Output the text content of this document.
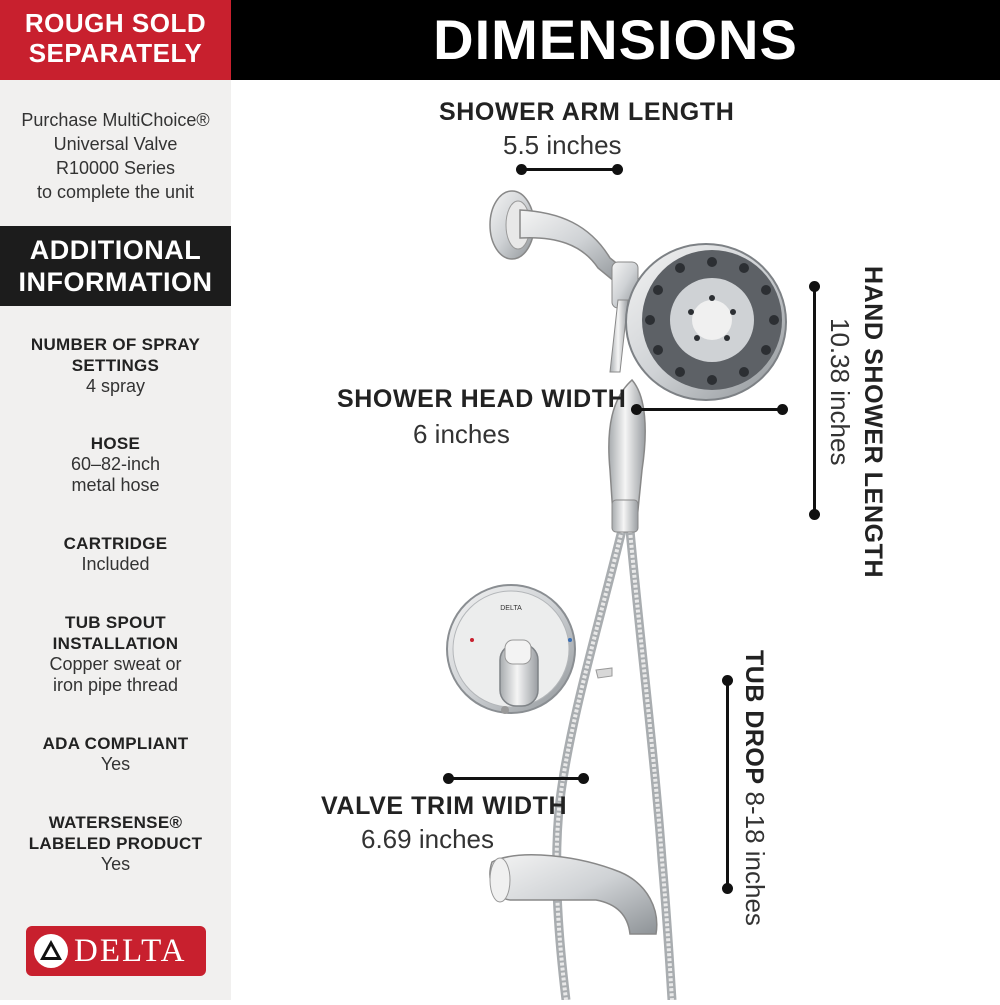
ROUGH SOLD
SEPARATELY
Purchase MultiChoice®
Universal Valve
R10000 Series
to complete the unit
ADDITIONAL
INFORMATION
NUMBER OF SPRAY
SETTINGS
4 spray
HOSE
60–82-inch
metal hose
CARTRIDGE
Included
TUB SPOUT
INSTALLATION
Copper sweat or
iron pipe thread
ADA COMPLIANT
Yes
WATERSENSE®
LABELED PRODUCT
Yes
DELTA
DIMENSIONS
DELTA
SHOWER ARM LENGTH
5.5 inches
SHOWER HEAD WIDTH
6 inches	HAND SHOWER LENGTH
10.38 inches
TUB DROP 8-18 inches
VALVE TRIM WIDTH
6.69 inches
